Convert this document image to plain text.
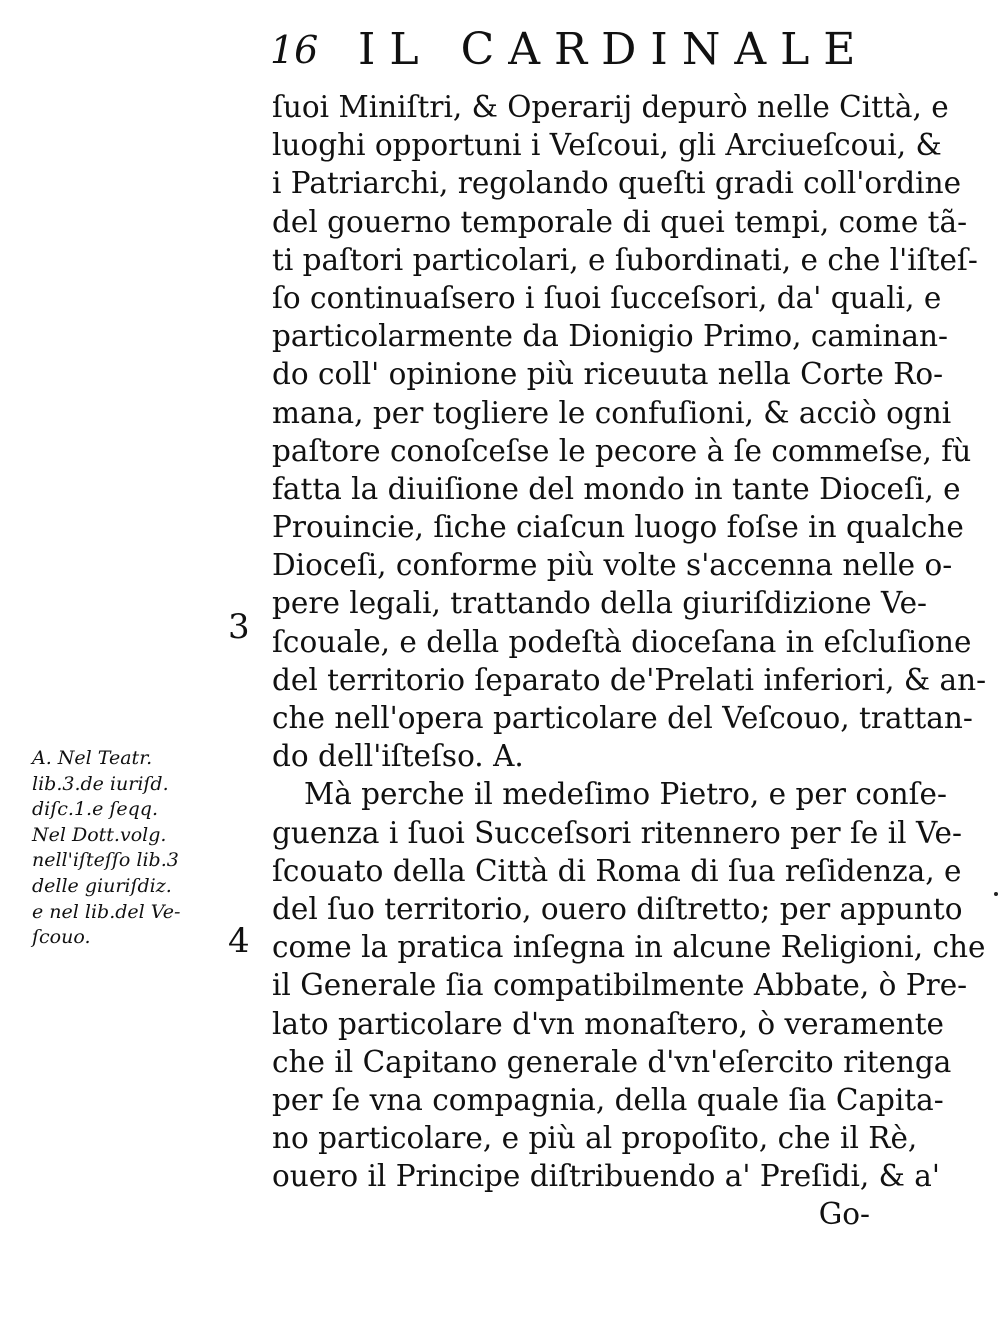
16 IL CARDINALE
ſuoi Miniſtri, & Operarij depurò nelle Città, e
luoghi opportuni i Veſcoui, gli Arciueſcoui, &
i Patriarchi, regolando queſti gradi coll'ordine
del gouerno temporale di quei tempi, come tã-
ti paſtori particolari, e ſubordinati, e che l'iſteſ-
ſo continuaſsero i ſuoi ſucceſsori, da' quali, e
particolarmente da Dionigio Primo, caminan-
do coll' opinione più riceuuta nella Corte Ro-
mana, per togliere le confuſioni, & acciò ogni
paſtore conoſceſse le pecore à ſe commeſse, fù
fatta la diuiſione del mondo in tante Dioceſi, e
Prouincie, ſiche ciaſcun luogo foſse in qualche
Dioceſi, conforme più volte s'accenna nelle o-
pere legali, trattando della giuriſdizione Ve-
ſcouale, e della podeſtà dioceſana in eſcluſione
del territorio ſeparato de'Prelati inferiori, & an-
che nell'opera particolare del Veſcouo, trattan-
do dell'iſteſso. A.
Mà perche il medeſimo Pietro, e per conſe-
guenza i ſuoi Succeſsori ritennero per ſe il Ve-
ſcouato della Città di Roma di ſua reſidenza, e
del ſuo territorio, ouero diſtretto; per appunto
come la pratica inſegna in alcune Religioni, che
il Generale ſia compatibilmente Abbate, ò Pre-
lato particolare d'vn monaſtero, ò veramente
che il Capitano generale d'vn'eſercito ritenga
per ſe vna compagnia, della quale ſia Capita-
no particolare, e più al propoſito, che il Rè,
ouero il Principe diſtribuendo a' Preſidi, & a'
Go-
3
4
A. Nel Teatr.
lib.3.de iuriſd.
diſc.1.e ſeqq.
Nel Dott.volg.
nell'iſteſſo lib.3
delle giuriſdiz.
e nel lib.del Ve-
ſcouo.
